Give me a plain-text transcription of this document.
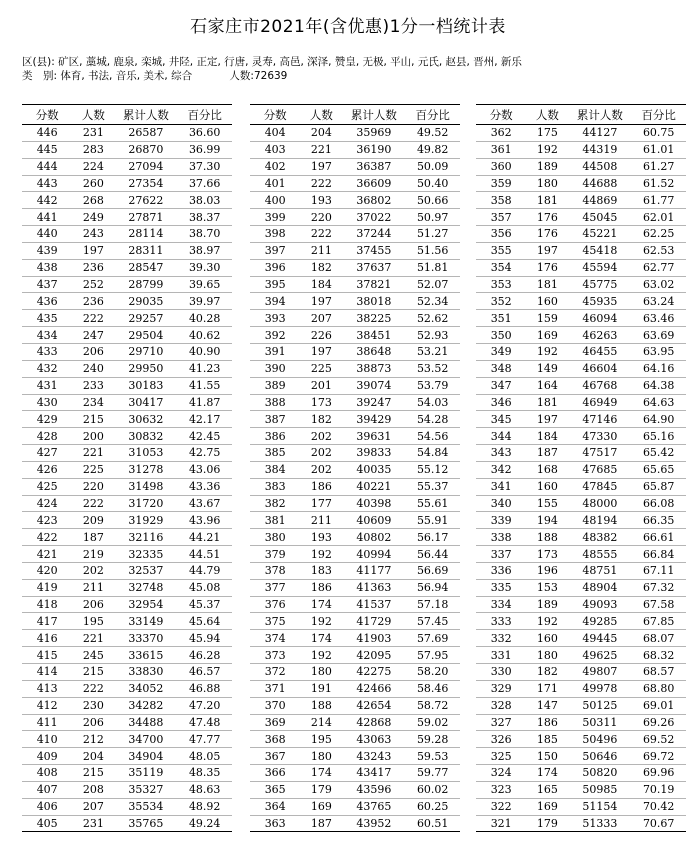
石家庄市2021年(含优惠)1分一档统计表
区(县): 矿区, 藁城, 鹿泉, 栾城, 井陉, 正定, 行唐, 灵寿, 高邑, 深泽, 赞皇, 无极, 平山, 元氏, 赵县, 晋州, 新乐
类　别: 体育, 书法, 音乐, 美术, 综合	人数:72639
分数	人数	累计人数	百分比
446	231	26587	36.60
445	283	26870	36.99
444	224	27094	37.30
443	260	27354	37.66
442	268	27622	38.03
441	249	27871	38.37
440	243	28114	38.70
439	197	28311	38.97
438	236	28547	39.30
437	252	28799	39.65
436	236	29035	39.97
435	222	29257	40.28
434	247	29504	40.62
433	206	29710	40.90
432	240	29950	41.23
431	233	30183	41.55
430	234	30417	41.87
429	215	30632	42.17
428	200	30832	42.45
427	221	31053	42.75
426	225	31278	43.06
425	220	31498	43.36
424	222	31720	43.67
423	209	31929	43.96
422	187	32116	44.21
421	219	32335	44.51
420	202	32537	44.79
419	211	32748	45.08
418	206	32954	45.37
417	195	33149	45.64
416	221	33370	45.94
415	245	33615	46.28
414	215	33830	46.57
413	222	34052	46.88
412	230	34282	47.20
411	206	34488	47.48
410	212	34700	47.77
409	204	34904	48.05
408	215	35119	48.35
407	208	35327	48.63
406	207	35534	48.92
405	231	35765	49.24
分数	人数	累计人数	百分比
404	204	35969	49.52
403	221	36190	49.82
402	197	36387	50.09
401	222	36609	50.40
400	193	36802	50.66
399	220	37022	50.97
398	222	37244	51.27
397	211	37455	51.56
396	182	37637	51.81
395	184	37821	52.07
394	197	38018	52.34
393	207	38225	52.62
392	226	38451	52.93
391	197	38648	53.21
390	225	38873	53.52
389	201	39074	53.79
388	173	39247	54.03
387	182	39429	54.28
386	202	39631	54.56
385	202	39833	54.84
384	202	40035	55.12
383	186	40221	55.37
382	177	40398	55.61
381	211	40609	55.91
380	193	40802	56.17
379	192	40994	56.44
378	183	41177	56.69
377	186	41363	56.94
376	174	41537	57.18
375	192	41729	57.45
374	174	41903	57.69
373	192	42095	57.95
372	180	42275	58.20
371	191	42466	58.46
370	188	42654	58.72
369	214	42868	59.02
368	195	43063	59.28
367	180	43243	59.53
366	174	43417	59.77
365	179	43596	60.02
364	169	43765	60.25
363	187	43952	60.51
分数	人数	累计人数	百分比
362	175	44127	60.75
361	192	44319	61.01
360	189	44508	61.27
359	180	44688	61.52
358	181	44869	61.77
357	176	45045	62.01
356	176	45221	62.25
355	197	45418	62.53
354	176	45594	62.77
353	181	45775	63.02
352	160	45935	63.24
351	159	46094	63.46
350	169	46263	63.69
349	192	46455	63.95
348	149	46604	64.16
347	164	46768	64.38
346	181	46949	64.63
345	197	47146	64.90
344	184	47330	65.16
343	187	47517	65.42
342	168	47685	65.65
341	160	47845	65.87
340	155	48000	66.08
339	194	48194	66.35
338	188	48382	66.61
337	173	48555	66.84
336	196	48751	67.11
335	153	48904	67.32
334	189	49093	67.58
333	192	49285	67.85
332	160	49445	68.07
331	180	49625	68.32
330	182	49807	68.57
329	171	49978	68.80
328	147	50125	69.01
327	186	50311	69.26
326	185	50496	69.52
325	150	50646	69.72
324	174	50820	69.96
323	165	50985	70.19
322	169	51154	70.42
321	179	51333	70.67
